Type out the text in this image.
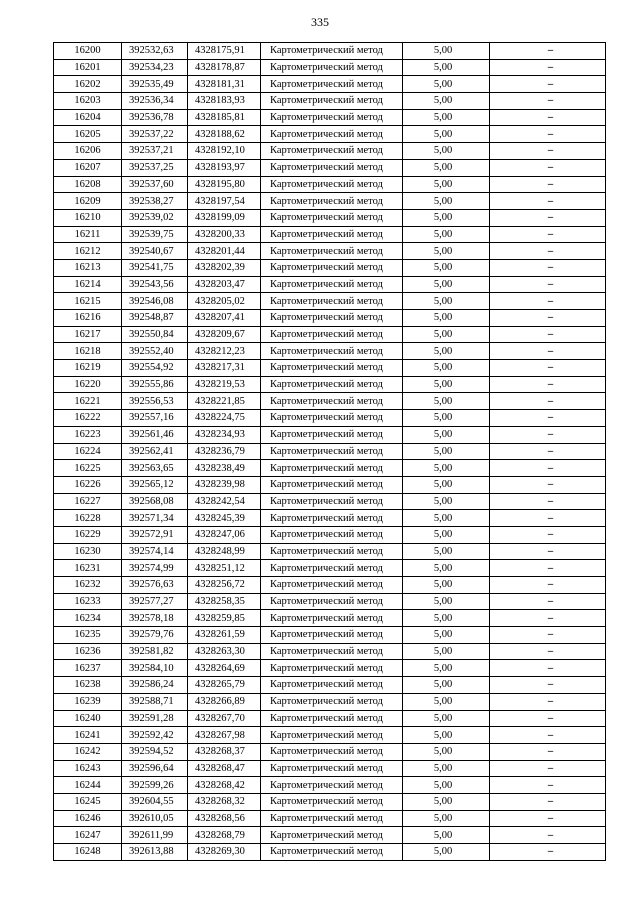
335
16200	392532,63	4328175,91	Картометрический метод	5,00	–
16201	392534,23	4328178,87	Картометрический метод	5,00	–
16202	392535,49	4328181,31	Картометрический метод	5,00	–
16203	392536,34	4328183,93	Картометрический метод	5,00	–
16204	392536,78	4328185,81	Картометрический метод	5,00	–
16205	392537,22	4328188,62	Картометрический метод	5,00	–
16206	392537,21	4328192,10	Картометрический метод	5,00	–
16207	392537,25	4328193,97	Картометрический метод	5,00	–
16208	392537,60	4328195,80	Картометрический метод	5,00	–
16209	392538,27	4328197,54	Картометрический метод	5,00	–
16210	392539,02	4328199,09	Картометрический метод	5,00	–
16211	392539,75	4328200,33	Картометрический метод	5,00	–
16212	392540,67	4328201,44	Картометрический метод	5,00	–
16213	392541,75	4328202,39	Картометрический метод	5,00	–
16214	392543,56	4328203,47	Картометрический метод	5,00	–
16215	392546,08	4328205,02	Картометрический метод	5,00	–
16216	392548,87	4328207,41	Картометрический метод	5,00	–
16217	392550,84	4328209,67	Картометрический метод	5,00	–
16218	392552,40	4328212,23	Картометрический метод	5,00	–
16219	392554,92	4328217,31	Картометрический метод	5,00	–
16220	392555,86	4328219,53	Картометрический метод	5,00	–
16221	392556,53	4328221,85	Картометрический метод	5,00	–
16222	392557,16	4328224,75	Картометрический метод	5,00	–
16223	392561,46	4328234,93	Картометрический метод	5,00	–
16224	392562,41	4328236,79	Картометрический метод	5,00	–
16225	392563,65	4328238,49	Картометрический метод	5,00	–
16226	392565,12	4328239,98	Картометрический метод	5,00	–
16227	392568,08	4328242,54	Картометрический метод	5,00	–
16228	392571,34	4328245,39	Картометрический метод	5,00	–
16229	392572,91	4328247,06	Картометрический метод	5,00	–
16230	392574,14	4328248,99	Картометрический метод	5,00	–
16231	392574,99	4328251,12	Картометрический метод	5,00	–
16232	392576,63	4328256,72	Картометрический метод	5,00	–
16233	392577,27	4328258,35	Картометрический метод	5,00	–
16234	392578,18	4328259,85	Картометрический метод	5,00	–
16235	392579,76	4328261,59	Картометрический метод	5,00	–
16236	392581,82	4328263,30	Картометрический метод	5,00	–
16237	392584,10	4328264,69	Картометрический метод	5,00	–
16238	392586,24	4328265,79	Картометрический метод	5,00	–
16239	392588,71	4328266,89	Картометрический метод	5,00	–
16240	392591,28	4328267,70	Картометрический метод	5,00	–
16241	392592,42	4328267,98	Картометрический метод	5,00	–
16242	392594,52	4328268,37	Картометрический метод	5,00	–
16243	392596,64	4328268,47	Картометрический метод	5,00	–
16244	392599,26	4328268,42	Картометрический метод	5,00	–
16245	392604,55	4328268,32	Картометрический метод	5,00	–
16246	392610,05	4328268,56	Картометрический метод	5,00	–
16247	392611,99	4328268,79	Картометрический метод	5,00	–
16248	392613,88	4328269,30	Картометрический метод	5,00	–
